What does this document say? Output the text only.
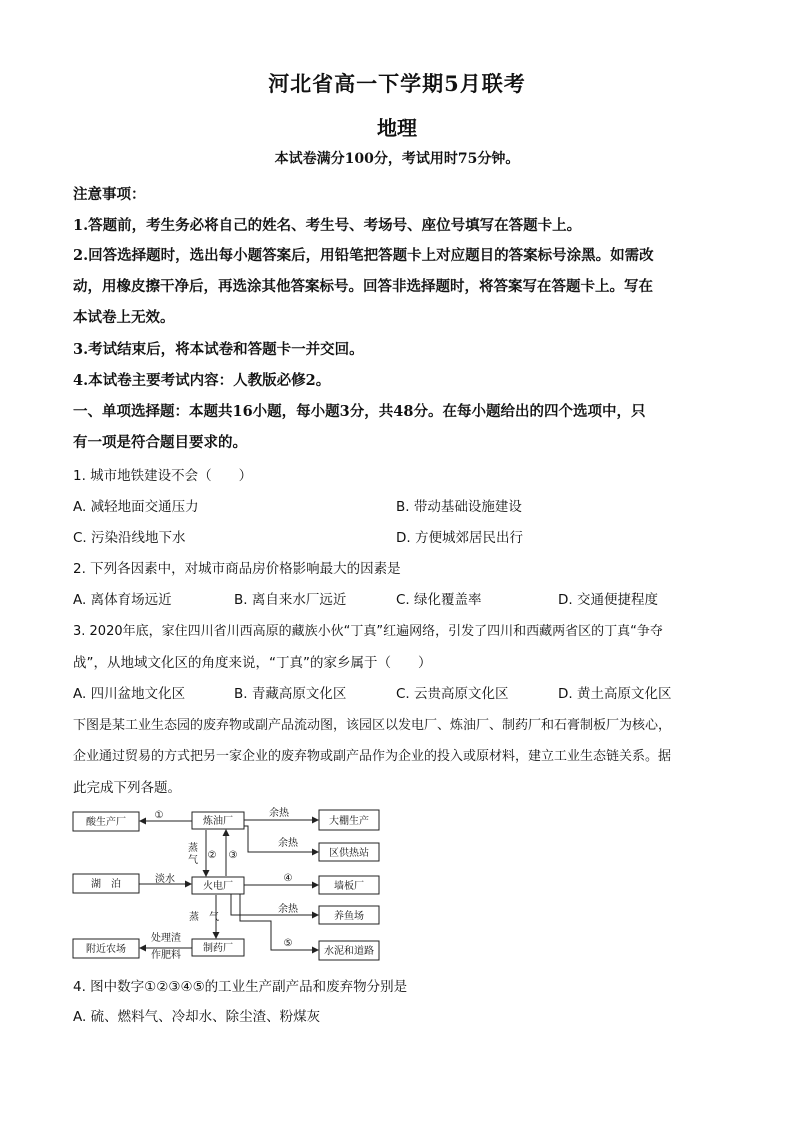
河北省高一下学期5月联考
地理
本试卷满分100分，考试用时75分钟。
注意事项：
1.答题前，考生务必将自己的姓名、考生号、考场号、座位号填写在答题卡上。
2.回答选择题时，选出每小题答案后，用铅笔把答题卡上对应题目的答案标号涂黑。如需改
动，用橡皮擦干净后，再选涂其他答案标号。回答非选择题时，将答案写在答题卡上。写在
本试卷上无效。
3.考试结束后，将本试卷和答题卡一并交回。
4.本试卷主要考试内容：人教版必修2。
一、单项选择题：本题共16小题，每小题3分，共48分。在每小题给出的四个选项中，只
有一项是符合题目要求的。
1. 城市地铁建设不会（　　）
A. 减轻地面交通压力	B. 带动基础设施建设
C. 污染沿线地下水	D. 方便城郊居民出行
2. 下列各因素中，对城市商品房价格影响最大的因素是
A. 离体育场远近	B. 离自来水厂远近	C. 绿化覆盖率	D. 交通便捷程度
3. 2020年底，家住四川省川西高原的藏族小伙“丁真”红遍网络，引发了四川和西藏两省区的丁真“争夺
战”，从地域文化区的角度来说，“丁真”的家乡属于（　　）
A. 四川盆地文化区	B. 青藏高原文化区	C. 云贵高原文化区	D. 黄土高原文化区
下图是某工业生态园的废弃物或副产品流动图，该园区以发电厂、炼油厂、制药厂和石膏制板厂为核心，
企业通过贸易的方式把另一家企业的废弃物或副产品作为企业的投入或原材料，建立工业生态链关系。据
此完成下列各题。
①	余热
余热
蒸
气 ② ③
淡水	④
余热
蒸　气
⑤
处理渣
作肥料
酸生产厂	炼油厂	大棚生产
区供热站
湖　泊	火电厂	墙板厂
养鱼场
附近农场	制药厂	水泥和道路
4. 图中数字①②③④⑤的工业生产副产品和废弃物分别是
A. 硫、燃料气、冷却水、除尘渣、粉煤灰
